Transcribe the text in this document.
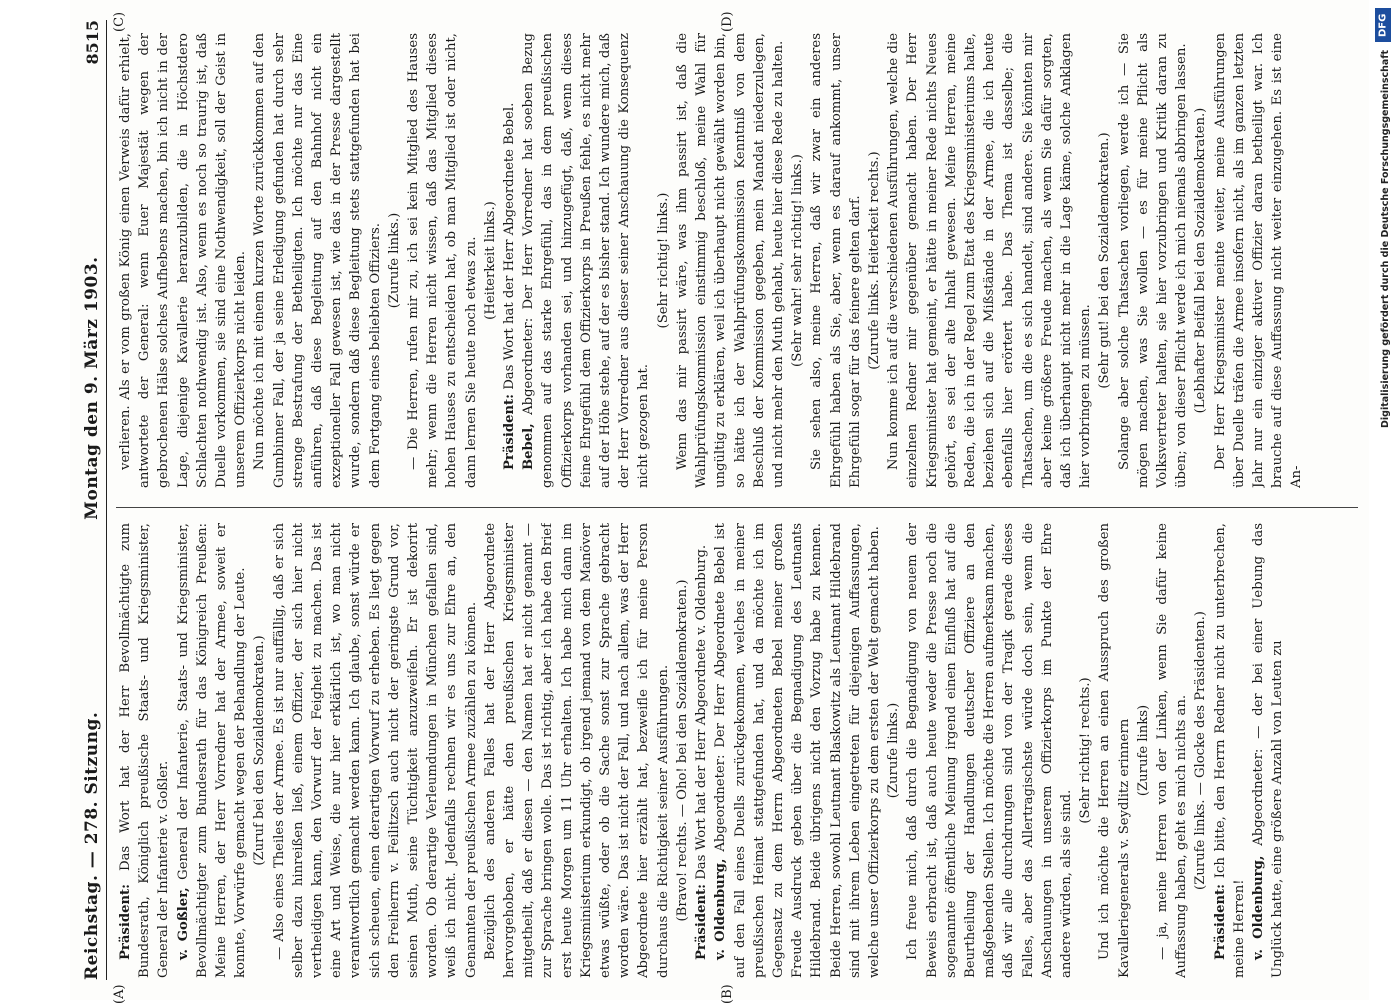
Reichstag. — 278. Sitzung.
Montag den 9. März 1903.
8515
(A)	(B)
(C)	(D)

Präsident: Das Wort hat der Herr Bevollmächtigte zum Bundesrath, Königlich preußische Staats- und Kriegsminister, General der Infanterie v. Goßler. v. Goßler, General der Infanterie, Staats- und Kriegsminister, Bevollmächtigter zum Bundesrath für das Königreich Preußen: Meine Herren, der Herr Vorredner hat der Armee, soweit er konnte, Vorwürfe gemacht wegen der Behandlung der Leute. (Zuruf bei den Sozialdemokraten.) — Also eines Theiles der Armee. Es ist nur auffällig, daß er sich selber dazu hinreißen ließ, einem Offizier, der sich hier nicht vertheidigen kann, den Vorwurf der Feigheit zu machen. Das ist eine Art und Weise, die nur hier erklärlich ist, wo man nicht verantwortlich gemacht werden kann. Ich glaube, sonst würde er sich scheuen, einen derartigen Vorwurf zu erheben. Es liegt gegen den Freiherrn v. Feilitzsch auch nicht der geringste Grund vor, seinen Muth, seine Tüchtigkeit anzuzweifeln. Er ist dekorirt worden. Ob derartige Verleumdungen in München gefallen sind, weiß ich nicht. Jedenfalls rechnen wir es uns zur Ehre an, den Genannten der preußischen Armee zuzählen zu können. Bezüglich des anderen Falles hat der Herr Abgeordnete hervorgehoben, er hätte den preußischen Kriegsminister mitgetheilt, daß er diesen — den Namen hat er nicht genannt — zur Sprache bringen wolle. Das ist richtig, aber ich habe den Brief erst heute Morgen um 11 Uhr erhalten. Ich habe mich dann im Kriegsministerium erkundigt, ob irgend jemand von dem Manöver etwas wüßte, oder ob die Sache sonst zur Sprache gebracht worden wäre. Das ist nicht der Fall, und nach allem, was der Herr Abgeordnete hier erzählt hat, bezweifle ich für meine Person durchaus die Richtigkeit seiner Ausführungen. (Bravo! rechts. — Oho! bei den Sozialdemokraten.)

Präsident: Das Wort hat der Herr Abgeordnete v. Oldenburg.

v. Oldenburg, Abgeordneter: Der Herr Abgeordnete Bebel ist auf den Fall eines Duells zurückgekommen, welches in meiner preußischen Heimat stattgefunden hat, und da möchte ich im Gegensatz zu dem Herrn Abgeordneten Bebel meiner großen Freude Ausdruck geben über die Begnadigung des Leutnants Hildebrand. Beide übrigens nicht den Vorzug habe zu kennen. Beide Herren, sowohl Leutnant Blaskowitz als Leutnant Hildebrand sind mit ihrem Leben eingetreten für diejenigen Auffassungen, welche unser Offizierkorps zu dem ersten der Welt gemacht haben. (Zurufe links.) Ich freue mich, daß durch die Begnadigung von neuem der Beweis erbracht ist, daß auch heute weder die Presse noch die sogenannte öffentliche Meinung irgend einen Einfluß hat auf die Beurtheilung der Handlungen deutscher Offiziere an den maßgebenden Stellen. Ich möchte die Herren aufmerksam machen, daß wir alle durchdrungen sind von der Tragik gerade dieses Falles, aber das Allertragischste würde doch sein, wenn die Anschauungen in unserem Offizierkorps im Punkte der Ehre andere würden, als sie sind.

(Sehr richtig! rechts.) Und ich möchte die Herren an einen Ausspruch des großen Kavalleriegenerals v. Seydlitz erinnern (Zurufe links) — ja, meine Herren von der Linken, wenn Sie dafür keine Auffassung haben, geht es mich nichts an. (Zurufe links. — Glocke des Präsidenten.)

Präsident: Ich bitte, den Herrn Redner nicht zu unterbrechen, meine Herren! v. Oldenburg, Abgeordneter: — der bei einer Uebung das Unglück hatte, eine größere Anzahl von Leuten zu

verlieren. Als er vom großen König einen Verweis dafür erhielt, antwortete der General: wenn Euer Majestät wegen der gebrochenen Hälse solches Aufhebens machen, bin ich nicht in der Lage, diejenige Kavallerie heranzubilden, die in Höchstdero Schlachten nothwendig ist. Also, wenn es noch so traurig ist, daß Duelle vorkommen, sie sind eine Nothwendigkeit, soll der Geist in unserem Offizierkorps nicht leiden. Nun möchte ich mit einem kurzen Worte zurückkommen auf den Gumbinner Fall, der ja seine Erledigung gefunden hat durch sehr strenge Bestrafung der Betheiligten. Ich möchte nur das Eine anführen, daß diese Begleitung auf den Bahnhof nicht ein exzeptioneller Fall gewesen ist, wie das in der Presse dargestellt wurde, sondern daß diese Begleitung stets stattgefunden hat bei dem Fortgang eines beliebten Offiziers. (Zurufe links.) — Die Herren, rufen mir zu, ich sei kein Mitglied des Hauses mehr; wenn die Herren nicht wissen, daß das Mitglied dieses hohen Hauses zu entscheiden hat, ob man Mitglied ist oder nicht, dann lernen Sie heute noch etwas zu. (Heiterkeit links.)

Präsident: Das Wort hat der Herr Abgeordnete Bebel.

Bebel, Abgeordneter: Der Herr Vorredner hat soeben Bezug genommen auf das starke Ehrgefühl, das in dem preußischen Offizierkorps vorhanden sei, und hinzugefügt, daß, wenn dieses feine Ehrgefühl dem Offizierkorps in Preußen fehle, es nicht mehr auf der Höhe stehe, auf der es bisher stand. Ich wundere mich, daß der Herr Vorredner aus dieser seiner Anschauung die Konsequenz nicht gezogen hat.

(Sehr richtig! links.) Wenn das mir passirt wäre, was ihm passirt ist, daß die Wahlprüfungskommission einstimmig beschloß, meine Wahl für ungültig zu erklären, weil ich überhaupt nicht gewählt worden bin, so hätte ich der Wahlprüfungskommission Kenntniß von dem Beschluß der Kommission gegeben, mein Mandat niederzulegen, und nicht mehr den Muth gehabt, heute hier diese Rede zu halten. (Sehr wahr! sehr richtig! links.) Sie sehen also, meine Herren, daß wir zwar ein anderes Ehrgefühl haben als Sie, aber, wenn es darauf ankommt, unser Ehrgefühl sogar für das feinere gelten darf. (Zurufe links. Heiterkeit rechts.) Nun komme ich auf die verschiedenen Ausführungen, welche die einzelnen Redner mir gegenüber gemacht haben. Der Herr Kriegsminister hat gemeint, er hätte in meiner Rede nichts Neues gehört, es sei der alte Inhalt gewesen. Meine Herren, meine Reden, die ich in der Regel zum Etat des Kriegsministeriums halte, beziehen sich auf die Mißstände in der Armee, die ich heute ebenfalls hier erörtert habe. Das Thema ist dasselbe; die Thatsachen, um die es sich handelt, sind andere. Sie könnten mir aber keine größere Freude machen, als wenn Sie dafür sorgten, daß ich überhaupt nicht mehr in die Lage käme, solche Anklagen hier vorbringen zu müssen.

(Sehr gut! bei den Sozialdemokraten.) Solange aber solche Thatsachen vorliegen, werde ich — Sie mögen machen, was Sie wollen — es für meine Pflicht als Volksvertreter halten, sie hier vorzubringen und Kritik daran zu üben; von dieser Pflicht werde ich mich niemals abbringen lassen. (Lebhafter Beifall bei den Sozialdemokraten.) Der Herr Kriegsminister meinte weiter, meine Ausführungen über Duelle träfen die Armee insofern nicht, als im ganzen letzten Jahr nur ein einziger aktiver Offizier daran betheiligt war. Ich brauche auf diese Auffassung nicht weiter einzugehen. Es ist eine An-

DFG
Digitalisierung gefördert durch die Deutsche Forschungsgemeinschaft
